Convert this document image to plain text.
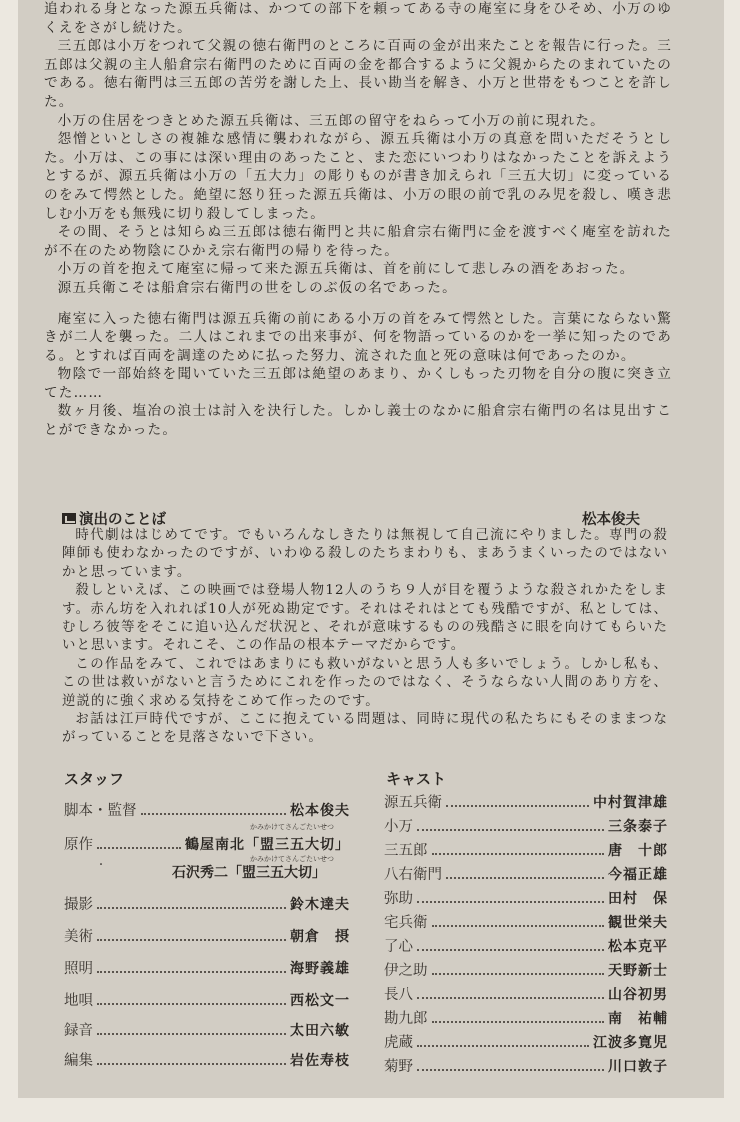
追われる身となった源五兵衛は、かつての部下を頼ってある寺の庵室に身をひそめ、小万のゆくえをさがし続けた。

三五郎は小万をつれて父親の徳右衛門のところに百両の金が出来たことを報告に行った。三五郎は父親の主人船倉宗右衛門のために百両の金を都合するように父親からたのまれていたのである。徳右衛門は三五郎の苦労を謝した上、長い勘当を解き、小万と世帯をもつことを許した。

小万の住居をつきとめた源五兵衛は、三五郎の留守をねらって小万の前に現れた。

怨憎といとしさの複雑な感情に襲われながら、源五兵衛は小万の真意を問いただそうとした。小万は、この事には深い理由のあったこと、また恋にいつわりはなかったことを訴えようとするが、源五兵衛は小万の「五大力」の彫りものが書き加えられ「三五大切」に変っているのをみて愕然とした。絶望に怒り狂った源五兵衛は、小万の眼の前で乳のみ児を殺し、嘆き悲しむ小万をも無残に切り殺してしまった。

その間、そうとは知らぬ三五郎は徳右衛門と共に船倉宗右衛門に金を渡すべく庵室を訪れたが不在のため物陰にひかえ宗右衛門の帰りを待った。

小万の首を抱えて庵室に帰って来た源五兵衛は、首を前にして悲しみの酒をあおった。

源五兵衛こそは船倉宗右衛門の世をしのぶ仮の名であった。

庵室に入った徳右衛門は源五兵衛の前にある小万の首をみて愕然とした。言葉にならない驚きが二人を襲った。二人はこれまでの出来事が、何を物語っているのかを一挙に知ったのである。とすれば百両を調達のために払った努力、流された血と死の意味は何であったのか。

物陰で一部始終を聞いていた三五郎は絶望のあまり、かくしもった刃物を自分の腹に突き立てた……

数ヶ月後、塩冶の浪士は討入を決行した。しかし義士のなかに船倉宗右衛門の名は見出すことができなかった。

演出のことば	松本俊夫

時代劇ははじめてです。でもいろんなしきたりは無視して自己流にやりました。専門の殺陣師も使わなかったのですが、いわゆる殺しのたちまわりも、まあうまくいったのではないかと思っています。

殺しといえば、この映画では登場人物12人のうち９人が目を覆うような殺されかたをします。赤ん坊を入れれば10人が死ぬ勘定です。それはそれはとても残酷ですが、私としては、むしろ彼等をそこに追い込んだ状況と、それが意味するものの残酷さに眼を向けてもらいたいと思います。それこそ、この作品の根本テーマだからです。

この作品をみて、これではあまりにも救いがないと思う人も多いでしょう。しかし私も、この世は救いがないと言うためにこれを作ったのではなく、そうならない人間のあり方を、逆説的に強く求める気持をこめて作ったのです。

お話は江戸時代ですが、ここに抱えている問題は、同時に現代の私たちにもそのままつながっていることを見落さないで下さい。

スタッフ	キャスト
脚本・監督	松本俊夫
原作	鶴屋南北「盟三五大切」
かみかけてさんごたいせつ
・	石沢秀二「盟三五大切」
かみかけてさんごたいせつ
撮影	鈴木達夫
美術	朝倉　摂
照明	海野義雄
地唄	西松文一
録音	太田六敏
編集	岩佐寿枝
源五兵衛	中村賀津雄
小万	三条泰子
三五郎	唐　十郎
八右衛門	今福正雄
弥助	田村　保
宅兵衛	観世栄夫
了心	松本克平
伊之助	天野新士
長八	山谷初男
勘九郎	南　祐輔
虎蔵	江波多寛児
菊野	川口敦子
